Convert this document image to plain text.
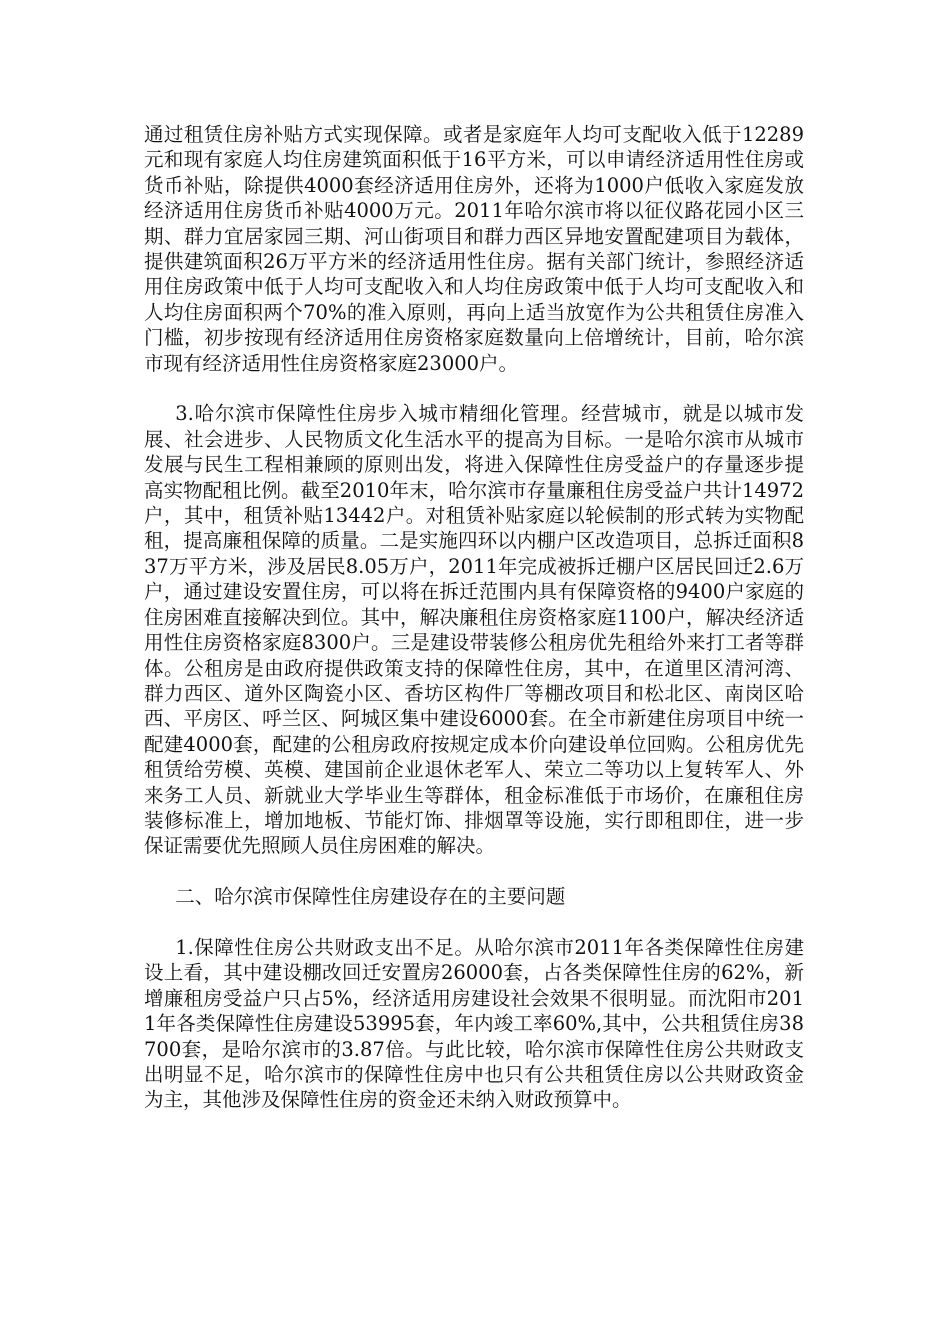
通过租赁住房补贴方式实现保障。或者是家庭年人均可支配收入低于12289元和现有家庭人均住房建筑面积低于16平方米，可以申请经济适用性住房或货币补贴，除提供4000套经济适用住房外，还将为1000户低收入家庭发放经济适用住房货币补贴4000万元。2011年哈尔滨市将以征仪路花园小区三期、群力宜居家园三期、河山街项目和群力西区异地安置配建项目为载体，提供建筑面积26万平方米的经济适用性住房。据有关部门统计，参照经济适用住房政策中低于人均可支配收入和人均住房政策中低于人均可支配收入和人均住房面积两个70%的准入原则，再向上适当放宽作为公共租赁住房准入门槛，初步按现有经济适用住房资格家庭数量向上倍增统计，目前，哈尔滨市现有经济适用性住房资格家庭23000户。

3.哈尔滨市保障性住房步入城市精细化管理。经营城市，就是以城市发展、社会进步、人民物质文化生活水平的提高为目标。一是哈尔滨市从城市发展与民生工程相兼顾的原则出发，将进入保障性住房受益户的存量逐步提高实物配租比例。截至2010年末，哈尔滨市存量廉租住房受益户共计14972户，其中，租赁补贴13442户。对租赁补贴家庭以轮候制的形式转为实物配租，提高廉租保障的质量。二是实施四环以内棚户区改造项目，总拆迁面积837万平方米，涉及居民8.05万户，2011年完成被拆迁棚户区居民回迁2.6万户，通过建设安置住房，可以将在拆迁范围内具有保障资格的9400户家庭的住房困难直接解决到位。其中，解决廉租住房资格家庭1100户，解决经济适用性住房资格家庭8300户。三是建设带装修公租房优先租给外来打工者等群体。公租房是由政府提供政策支持的保障性住房，其中，在道里区清河湾、群力西区、道外区陶瓷小区、香坊区构件厂等棚改项目和松北区、南岗区哈西、平房区、呼兰区、阿城区集中建设6000套。在全市新建住房项目中统一配建4000套，配建的公租房政府按规定成本价向建设单位回购。公租房优先租赁给劳模、英模、建国前企业退休老军人、荣立二等功以上复转军人、外来务工人员、新就业大学毕业生等群体，租金标准低于市场价，在廉租住房装修标准上，增加地板、节能灯饰、排烟罩等设施，实行即租即住，进一步保证需要优先照顾人员住房困难的解决。

二、哈尔滨市保障性住房建设存在的主要问题

1.保障性住房公共财政支出不足。从哈尔滨市2011年各类保障性住房建设上看，其中建设棚改回迁安置房26000套，占各类保障性住房的62%，新增廉租房受益户只占5%，经济适用房建设社会效果不很明显。而沈阳市2011年各类保障性住房建设53995套，年内竣工率60%,其中，公共租赁住房38700套，是哈尔滨市的3.87倍。与此比较，哈尔滨市保障性住房公共财政支出明显不足，哈尔滨市的保障性住房中也只有公共租赁住房以公共财政资金为主，其他涉及保障性住房的资金还未纳入财政预算中。
